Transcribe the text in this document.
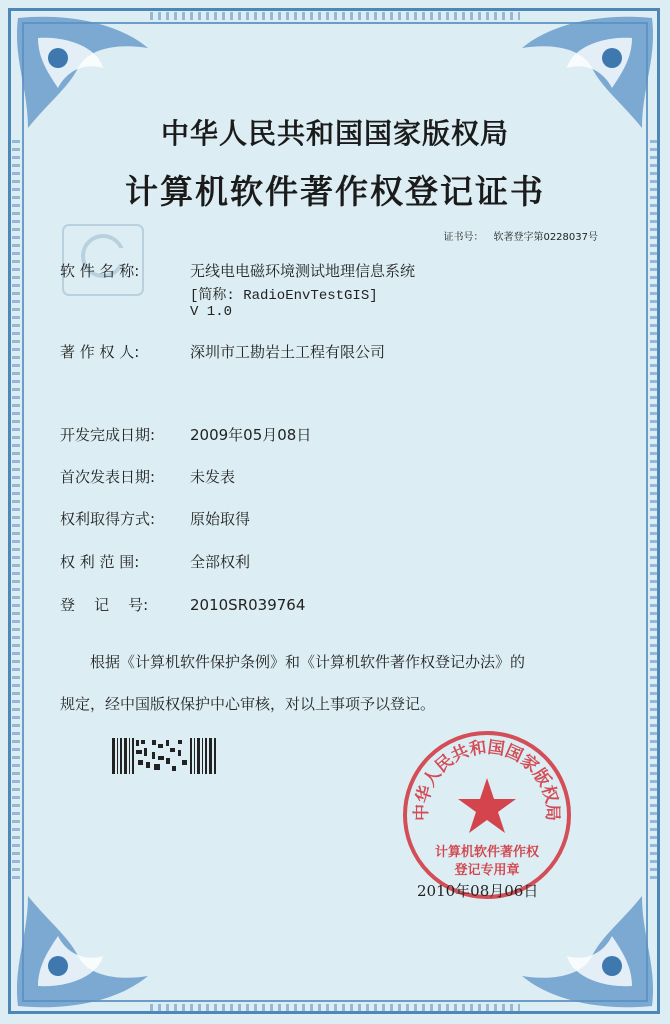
中华人民共和国国家版权局
计算机软件著作权登记证书
证书号： 软著登字第0228037号
软 件 名 称:	无线电电磁环境测试地理信息系统
[简称: RadioEnvTestGIS]
V 1.0
著 作 权 人:	深圳市工勘岩土工程有限公司
开发完成日期: 2009年05月08日
首次发表日期: 未发表
权利取得方式: 原始取得
权 利 范 围:	全部权利
登    记    号:	2010SR039764
根据《计算机软件保护条例》和《计算机软件著作权登记办法》的
规定，经中国版权保护中心审核，对以上事项予以登记。
中华人民共和国国家版权局
计算机软件著作权
登记专用章
2010年08月06日
